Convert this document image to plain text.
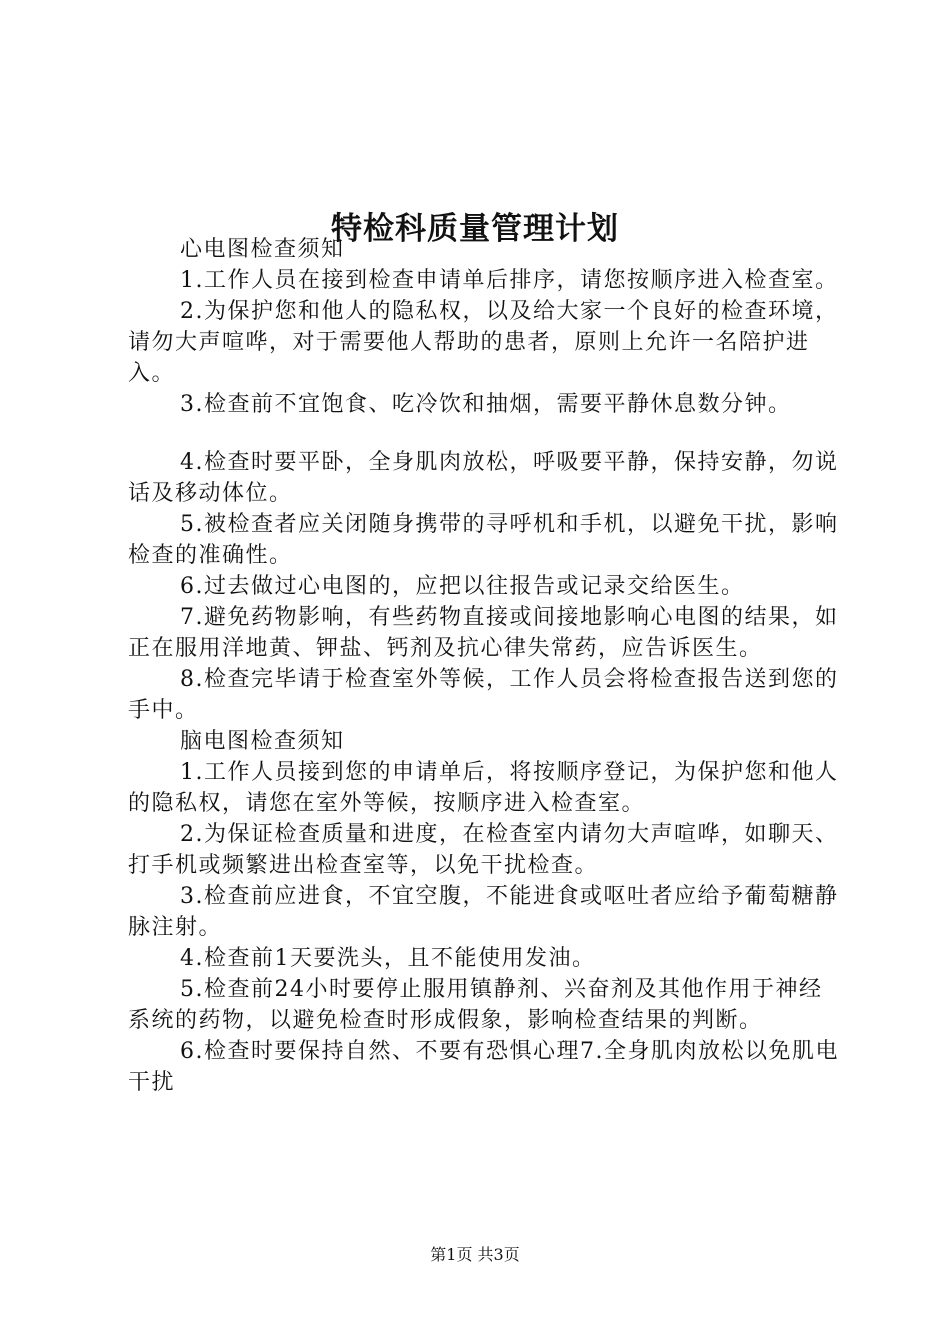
特检科质量管理计划

心电图检查须知

1.工作人员在接到检查申请单后排序，请您按顺序进入检查室。

2.为保护您和他人的隐私权，以及给大家一个良好的检查环境，请勿大声喧哗，对于需要他人帮助的患者，原则上允许一名陪护进入。

3.检查前不宜饱食、吃冷饮和抽烟，需要平静休息数分钟。

4.检查时要平卧，全身肌肉放松，呼吸要平静，保持安静，勿说话及移动体位。

5.被检查者应关闭随身携带的寻呼机和手机，以避免干扰，影响检查的准确性。

6.过去做过心电图的，应把以往报告或记录交给医生。

7.避免药物影响，有些药物直接或间接地影响心电图的结果，如正在服用洋地黄、钾盐、钙剂及抗心律失常药，应告诉医生。

8.检查完毕请于检查室外等候，工作人员会将检查报告送到您的手中。

脑电图检查须知

1.工作人员接到您的申请单后，将按顺序登记，为保护您和他人的隐私权，请您在室外等候，按顺序进入检查室。

2.为保证检查质量和进度，在检查室内请勿大声喧哗，如聊天、打手机或频繁进出检查室等，以免干扰检查。

3.检查前应进食，不宜空腹，不能进食或呕吐者应给予葡萄糖静脉注射。

4.检查前1天要洗头，且不能使用发油。

5.检查前24小时要停止服用镇静剂、兴奋剂及其他作用于神经系统的药物，以避免检查时形成假象，影响检查结果的判断。

6.检查时要保持自然、不要有恐惧心理7.全身肌肉放松以免肌电干扰

第1页 共3页
